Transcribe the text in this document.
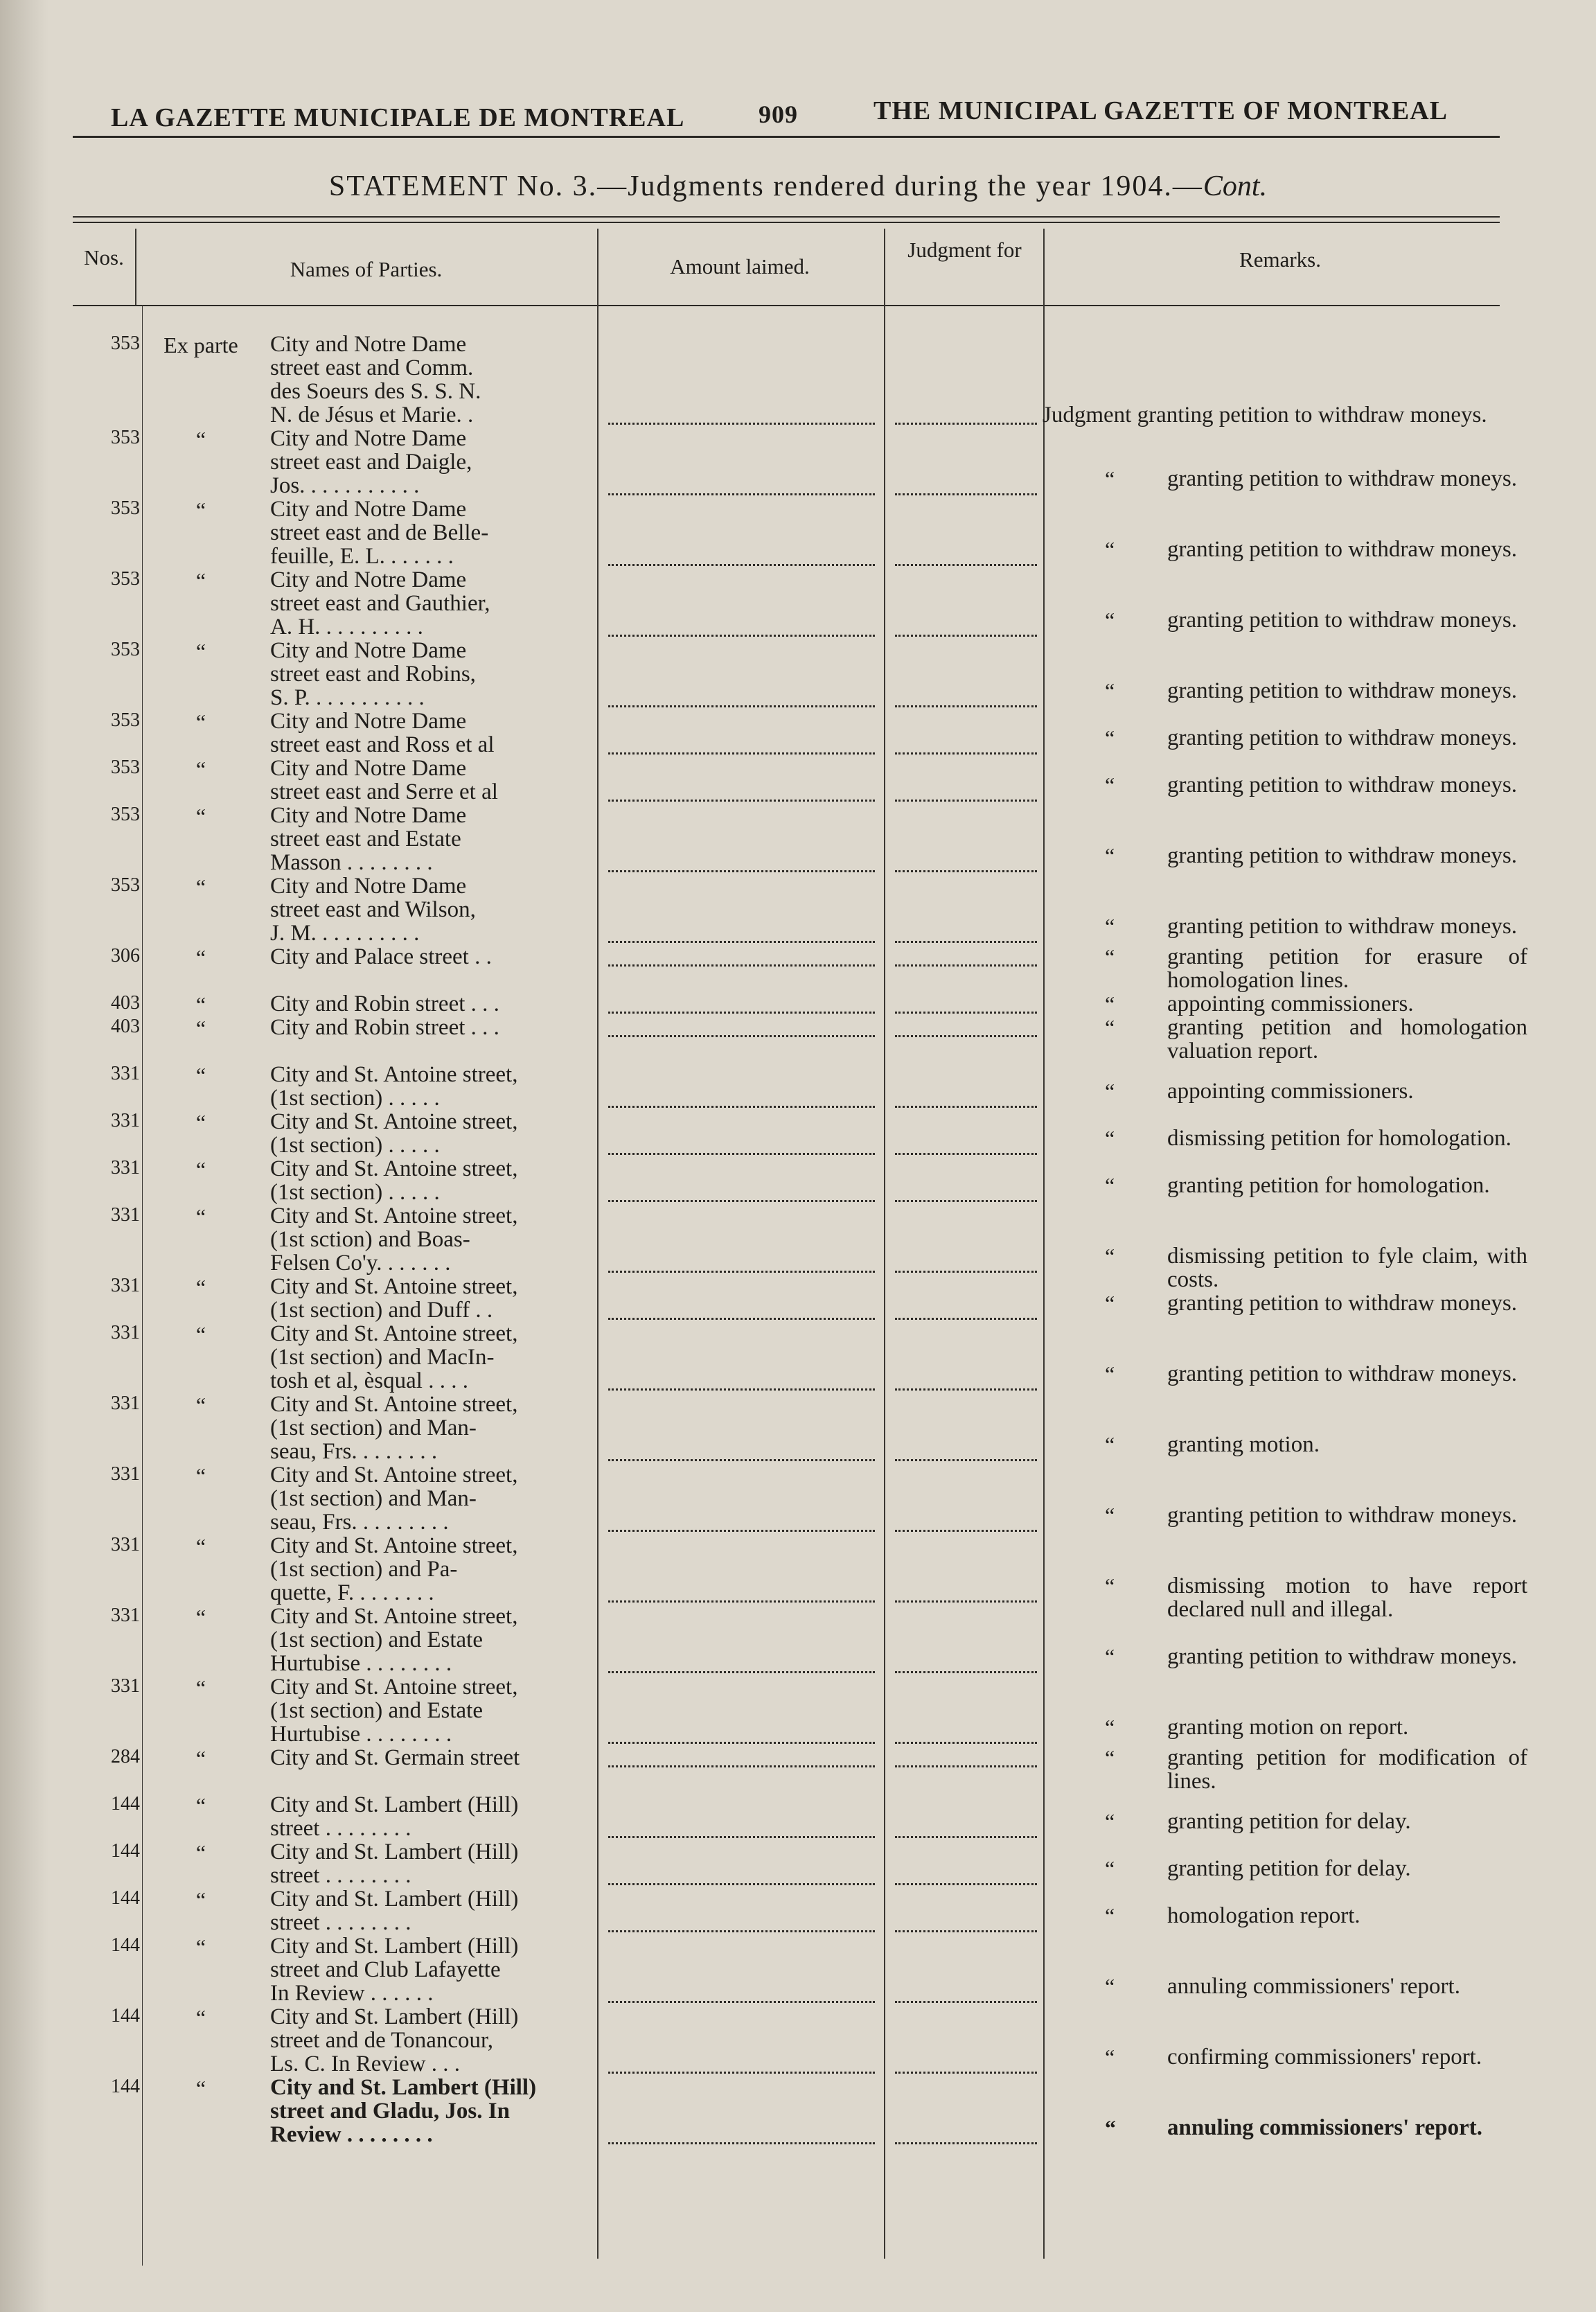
LA GAZETTE MUNICIPALE DE MONTREAL	909	THE MUNICIPAL GAZETTE OF MONTREAL
STATEMENT No. 3.—Judgments rendered during the year 1904.—Cont.
Nos.	Names of Parties.	Amount laimed.
Judgment for	Remarks.
353	Ex parte	City and Notre Dame
street east and Comm.
des Soeurs des S. S. N.
N. de Jésus et Marie. .	Judgment granting petition to withdraw moneys.
353	“	City and Notre Dame
street east and Daigle,
Jos. . . . . . . . . . .	“	granting petition to withdraw moneys.
353	“	City and Notre Dame
street east and de Belle-
feuille, E. L. . . . . . .	“	granting petition to withdraw moneys.
353	“	City and Notre Dame
street east and Gauthier,
A. H. . . . . . . . . .	“	granting petition to withdraw moneys.
353	“	City and Notre Dame
street east and Robins,
S. P. . . . . . . . . . .	“	granting petition to withdraw moneys.
353	“	City and Notre Dame
street east and Ross et al	“	granting petition to withdraw moneys.
353	“	City and Notre Dame
street east and Serre et al	“	granting petition to withdraw moneys.
353	“	City and Notre Dame
street east and Estate
Masson . . . . . . . .	“	granting petition to withdraw moneys.
353	“	City and Notre Dame
street east and Wilson,
J. M. . . . . . . . . .	“	granting petition to withdraw moneys.
306	“	City and Palace street . .	“	granting petition for erasure of homologation lines.
403	“	City and Robin street . . .	“	appointing commissioners.
403	“	City and Robin street . . .	“	granting petition and homologation valuation report.
331	“	City and St. Antoine street,
(1st section) . . . . .	“	appointing commissioners.
331	“	City and St. Antoine street,
(1st section) . . . . .	“	dismissing petition for homologation.
331	“	City and St. Antoine street,
(1st section) . . . . .	“	granting petition for homologation.
331	“	City and St. Antoine street,
(1st sction) and Boas-
Felsen Co'y. . . . . . .	“	dismissing petition to fyle claim, with costs.
331	“	City and St. Antoine street,
(1st section) and Duff . .	“	granting petition to withdraw moneys.
331	“	City and St. Antoine street,
(1st section) and MacIn-
tosh et al, èsqual . . . .	“	granting petition to withdraw moneys.
331	“	City and St. Antoine street,
(1st section) and Man-
seau, Frs. . . . . . . .	“	granting motion.
331	“	City and St. Antoine street,
(1st section) and Man-
seau, Frs. . . . . . . . .	“	granting petition to withdraw moneys.
331	“	City and St. Antoine street,
(1st section) and Pa-
quette, F. . . . . . . .	“	dismissing motion to have report declared null and illegal.
331	“	City and St. Antoine street,
(1st section) and Estate
Hurtubise . . . . . . . .	“	granting petition to withdraw moneys.
331	“	City and St. Antoine street,
(1st section) and Estate
Hurtubise . . . . . . . .	“	granting motion on report.
284	“	City and St. Germain street	“	granting petition for modification of lines.
144	“	City and St. Lambert (Hill)
street . . . . . . . .	“	granting petition for delay.
144	“	City and St. Lambert (Hill)
street . . . . . . . .	“	granting petition for delay.
144	“	City and St. Lambert (Hill)
street . . . . . . . .	“	homologation report.
144	“	City and St. Lambert (Hill)
street and Club Lafayette
In Review . . . . . .	“	annuling commissioners' report.
144	“	City and St. Lambert (Hill)
street and de Tonancour,
Ls. C. In Review . . .	“	confirming commissioners' report.
144	“	City and St. Lambert (Hill)
street and Gladu, Jos. In
Review . . . . . . . .	“	annuling commissioners' report.
